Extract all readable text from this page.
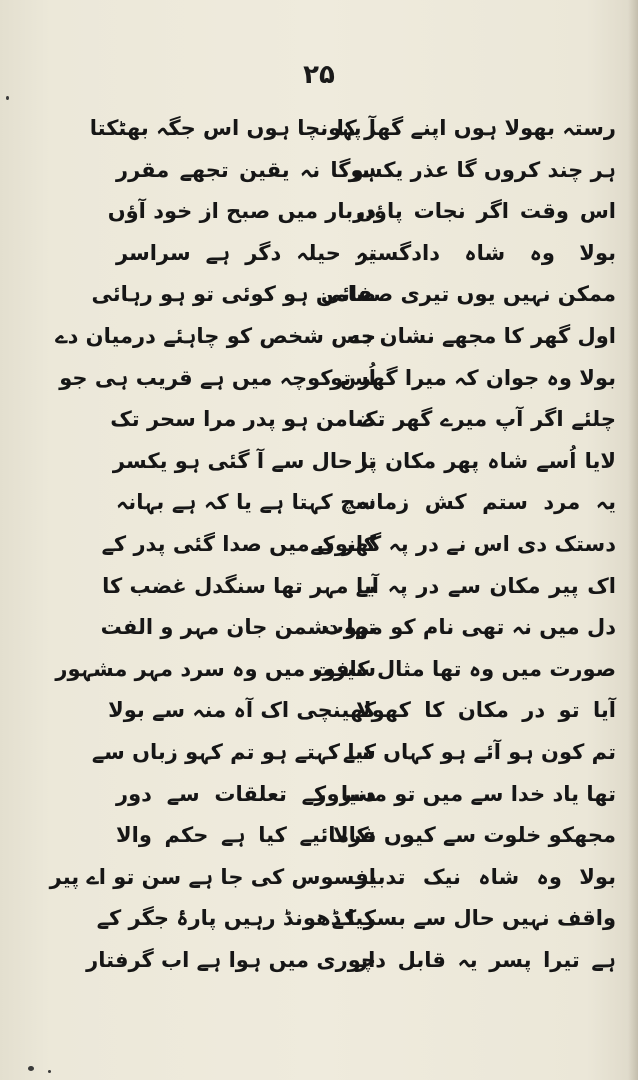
۲۵
رستہ بھولا ہوں اپنے گھر کا
ہر چند کروں گا عذر یکسر
اس وقت اگر نجات پاؤں
بولا وہ شاہ دادگستر
ممکن نہیں یوں تیری صفائی
اول گھر کا مجھے نشان دے
بولا وہ جوان کہ میرا گھر تو
چلئے اگر آپ میرے گھر تک
لایا اُسے شاہ پھر مکان پر
یہ مرد ستم کش زمانہ
دستک دی اس نے در پہ گھر کے
اک پیر مکان سے در پہ آیا
دل میں نہ تھی نام کو مروت
صورت میں وہ تھا مثال کافور
آیا تو در مکان کا کھولا
تم کون ہو آئے ہو کہاں سے
تھا یاد خدا سے میں تو مسرور
مجھکو خلوت سے کیوں نکالا
بولا وہ شاہ نیک تدبیر
واقف نہیں حال سے بسر کے
ہے تیرا پسر یہ قابل دار
آ پہونچا ہوں اس جگہ بھٹکتا
ہوگا نہ یقین تجھے مقرر
دربار میں صبح از خود آؤں
یہ حیلہ دگر ہے سراسر
ضامن ہو کوئی تو ہو رہائی
جس شخص کو چاہئے درمیان دے
اُس کوچہ میں ہے قریب ہی جو
ضامن ہو پدر مرا سحر تک
تا حال سے آ گئی ہو یکسر
سچ کہتا ہے یا کہ ہے بہانہ
کانوں میں صدا گئی پدر کے
بے مہر تھا سنگدل غضب کا
تھا دشمن جان مہر و الفت
سیرت میں وہ سرد مہر مشہور
کھینچی اک آہ منہ سے بولا
کیا کہتے ہو تم کہو زباں سے
دنیا کے تعلقات سے دور
فرمائیے کیا ہے حکم والا
افسوس کی جا ہے سن تو اے پیر
کیا ڈھونڈ رہیں پارۂ جگر کے
چوری میں ہوا ہے اب گرفتار
